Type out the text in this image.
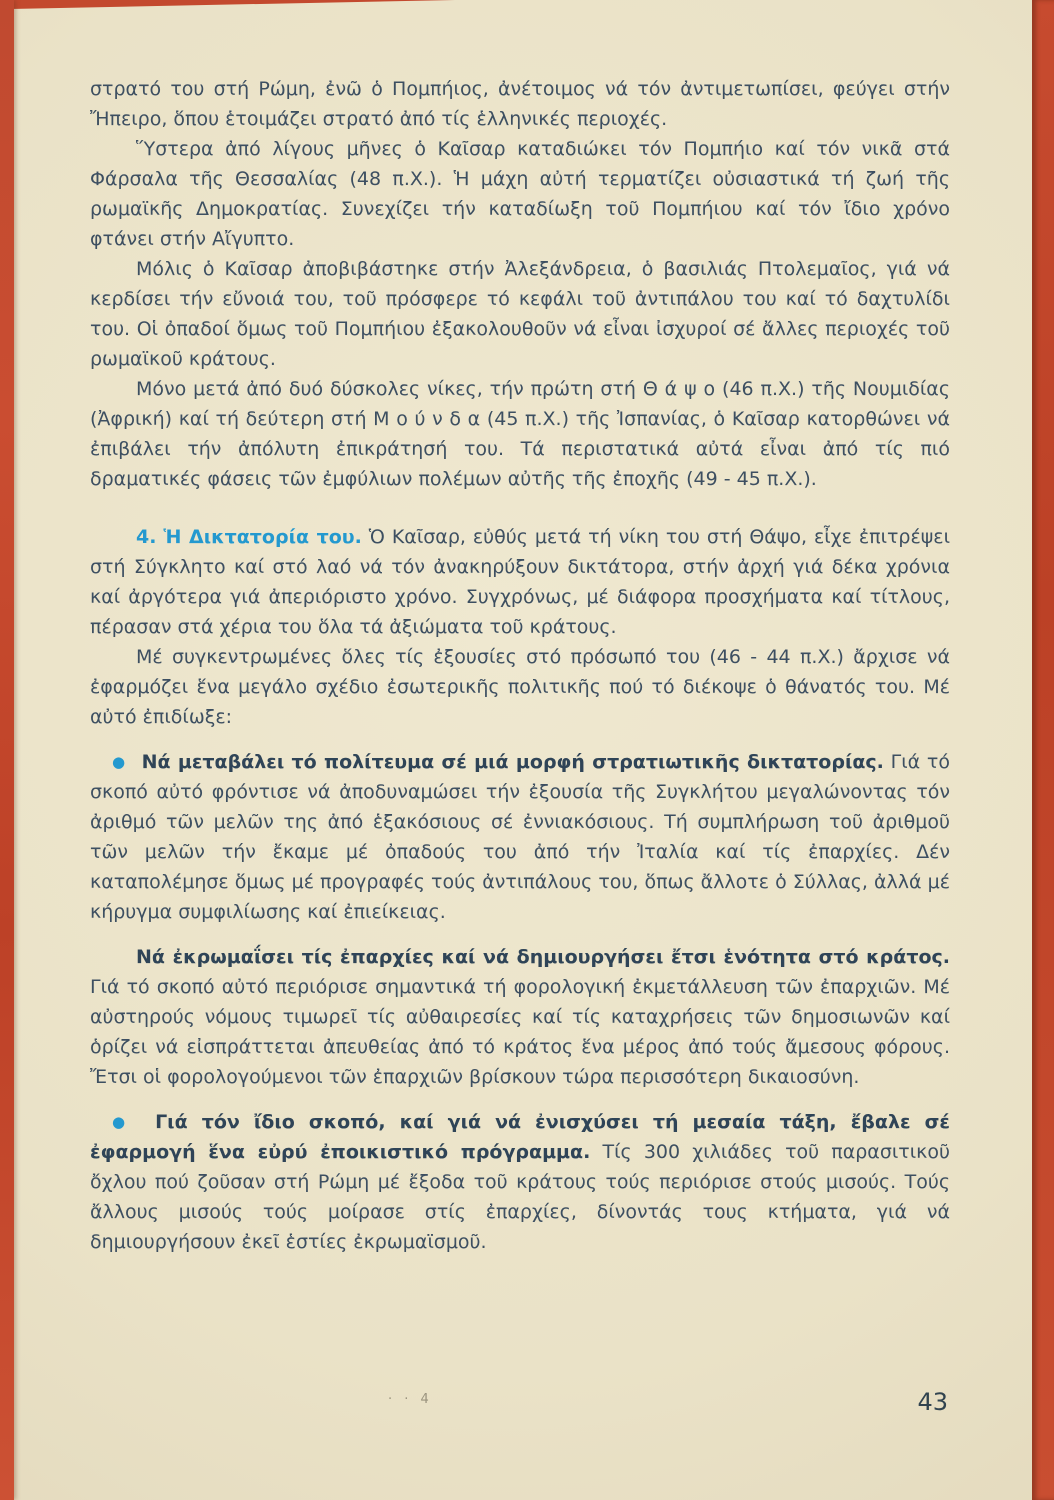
στρατό του στή Ρώμη, ἐνῶ ὁ Πομπήιος, ἀνέτοιμος νά τόν ἀντιμετωπίσει, φεύγει στήν Ἤπειρο, ὅπου ἑτοιμάζει στρατό ἀπό τίς ἑλληνικές περιοχές.

Ὕστερα ἀπό λίγους μῆνες ὁ Καῖσαρ καταδιώκει τόν Πομπήιο καί τόν νικᾶ στά Φάρσαλα τῆς Θεσσαλίας (48 π.Χ.). Ἡ μάχη αὐτή τερματίζει οὐσιαστικά τή ζωή τῆς ρωμαϊκῆς Δημοκρατίας. Συνεχίζει τήν καταδίωξη τοῦ Πομπήιου καί τόν ἴδιο χρόνο φτάνει στήν Αἴγυπτο.

Μόλις ὁ Καῖσαρ ἀποβιβάστηκε στήν Ἀλεξάνδρεια, ὁ βασιλιάς Πτολεμαῖος, γιά νά κερδίσει τήν εὔνοιά του, τοῦ πρόσφερε τό κεφάλι τοῦ ἀντιπάλου του καί τό δαχτυλίδι του. Οἱ ὀπαδοί ὅμως τοῦ Πομπήιου ἐξακολουθοῦν νά εἶναι ἰσχυροί σέ ἄλλες περιοχές τοῦ ρωμαϊκοῦ κράτους.

Μόνο μετά ἀπό δυό δύσκολες νίκες, τήν πρώτη στή Θ ά ψ ο (46 π.Χ.) τῆς Νουμιδίας (Ἀφρική) καί τή δεύτερη στή Μ ο ύ ν δ α (45 π.Χ.) τῆς Ἰσπανίας, ὁ Καῖσαρ κατορθώνει νά ἐπιβάλει τήν ἀπόλυτη ἐπικράτησή του. Τά περιστατικά αὐτά εἶναι ἀπό τίς πιό δραματικές φάσεις τῶν ἐμφύλιων πολέμων αὐτῆς τῆς ἐποχῆς (49 - 45 π.Χ.).

4. Ἡ Δικτατορία του. Ὁ Καῖσαρ, εὐθύς μετά τή νίκη του στή Θάψο, εἶχε ἐπιτρέψει στή Σύγκλητο καί στό λαό νά τόν ἀνακηρύξουν δικτάτορα, στήν ἀρχή γιά δέκα χρόνια καί ἀργότερα γιά ἀπεριόριστο χρόνο. Συγχρόνως, μέ διάφορα προσχήματα καί τίτλους, πέρασαν στά χέρια του ὅλα τά ἀξιώματα τοῦ κράτους.

Μέ συγκεντρωμένες ὅλες τίς ἐξουσίες στό πρόσωπό του (46 - 44 π.Χ.) ἄρχισε νά ἐφαρμόζει ἕνα μεγάλο σχέδιο ἐσωτερικῆς πολιτικῆς πού τό διέκοψε ὁ θάνατός του. Μέ αὐτό ἐπιδίωξε:

● Νά μεταβάλει τό πολίτευμα σέ μιά μορφή στρατιωτικῆς δικτατορίας. Γιά τό σκοπό αὐτό φρόντισε νά ἀποδυναμώσει τήν ἐξουσία τῆς Συγκλήτου μεγαλώνοντας τόν ἀριθμό τῶν μελῶν της ἀπό ἑξακόσιους σέ ἐννιακόσιους. Τή συμπλήρωση τοῦ ἀριθμοῦ τῶν μελῶν τήν ἔκαμε μέ ὀπαδούς του ἀπό τήν Ἰταλία καί τίς ἐπαρχίες. Δέν καταπολέμησε ὅμως μέ προγραφές τούς ἀντιπάλους του, ὅπως ἄλλοτε ὁ Σύλλας, ἀλλά μέ κήρυγμα συμφιλίωσης καί ἐπιείκειας.

Νά ἐκρωμαΐσει τίς ἐπαρχίες καί νά δημιουργήσει ἔτσι ἑνότητα στό κράτος. Γιά τό σκοπό αὐτό περιόρισε σημαντικά τή φορολογική ἐκμετάλλευση τῶν ἐπαρχιῶν. Μέ αὐστηρούς νόμους τιμωρεῖ τίς αὐθαιρεσίες καί τίς καταχρήσεις τῶν δημοσιωνῶν καί ὁρίζει νά εἰσπράττεται ἀπευθείας ἀπό τό κράτος ἕνα μέρος ἀπό τούς ἄμεσους φόρους. Ἔτσι οἱ φορολογούμενοι τῶν ἐπαρχιῶν βρίσκουν τώρα περισσότερη δικαιοσύνη.

● Γιά τόν ἴδιο σκοπό, καί γιά νά ἐνισχύσει τή μεσαία τάξη, ἔβαλε σέ ἐφαρμογή ἕνα εὐρύ ἐποικιστικό πρόγραμμα. Τίς 300 χιλιάδες τοῦ παρασιτικοῦ ὄχλου πού ζοῦσαν στή Ρώμη μέ ἔξοδα τοῦ κράτους τούς περιόρισε στούς μισούς. Τούς ἄλλους μισούς τούς μοίρασε στίς ἐπαρχίες, δίνοντάς τους κτήματα, γιά νά δημιουργήσουν ἐκεῖ ἑστίες ἐκρωμαϊσμοῦ.

· · 4	43
